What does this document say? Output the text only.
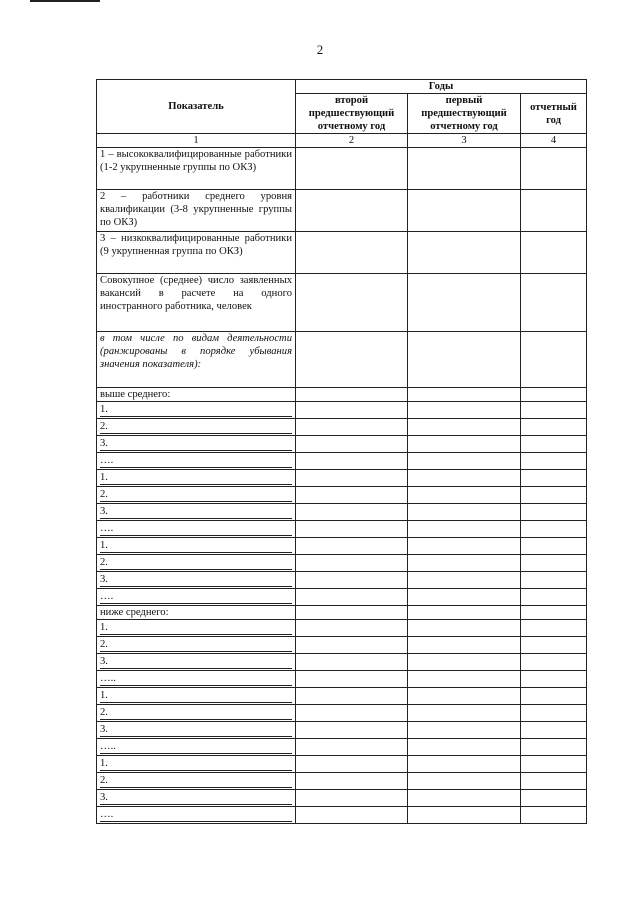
2
Показатель	Годы		
	второй предшествующий отчетному год	первый предшествующий отчетному год	отчетный год
1	2	3	4
1 – высококвалифицированные работники (1-2 укрупненные группы по ОКЗ)			
2 – работники среднего уровня квалификации (3-8 укрупненные группы по ОКЗ)			
3 – низкоквалифицированные работники (9 укрупненная группа по ОКЗ)			
Совокупное (среднее) число заявленных вакансий в расчете на одного иностранного работника, человек			
в том числе по видам деятельности (ранжированы в порядке убывания значения показателя):			
выше среднего:			
1.			
2.			
3.			
….			
1.			
2.			
3.			
….			
1.			
2.			
3.			
….			
ниже среднего:			
1.			
2.			
3.			
…..			
1.			
2.			
3.			
…..			
1.			
2.			
3.			
….			
